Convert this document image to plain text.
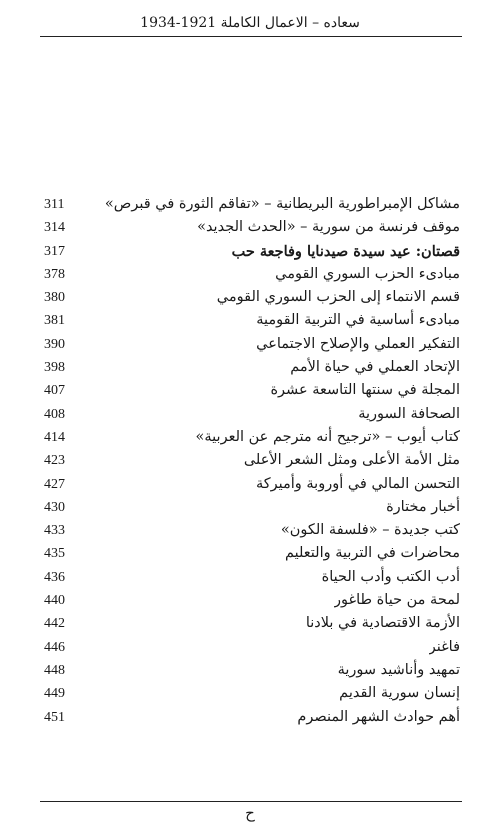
سعاده – الاعمال الكاملة 1921-1934
مشاكل الإمبراطورية البريطانية – «تفاقم الثورة في قبرص»
311
موقف فرنسة من سورية – «الحدث الجديد»
314
قصتان: عيد سيدة صيدنايا وفاجعة حب
317
مبادىء الحزب السوري القومي
378
قسم الانتماء إلى الحزب السوري القومي
380
مبادىء أساسية في التربية القومية
381
التفكير العملي والإصلاح الاجتماعي
390
الإتحاد العملي في حياة الأمم
398
المجلة في سنتها التاسعة عشرة
407
الصحافة السورية
408
كتاب أيوب – «ترجيح أنه مترجم عن العربية»
414
مثل الأمة الأعلى ومثل الشعر الأعلى
423
التحسن المالي في أوروبة وأميركة
427
أخبار مختارة
430
كتب جديدة – «فلسفة الكون»
433
محاضرات في التربية والتعليم
435
أدب الكتب وأدب الحياة
436
لمحة من حياة طاغور
440
الأزمة الاقتصادية في بلادنا
442
فاغنر
446
تمهيد وأناشيد سورية
448
إنسان سورية القديم
449
أهم حوادث الشهر المنصرم
451
ح
